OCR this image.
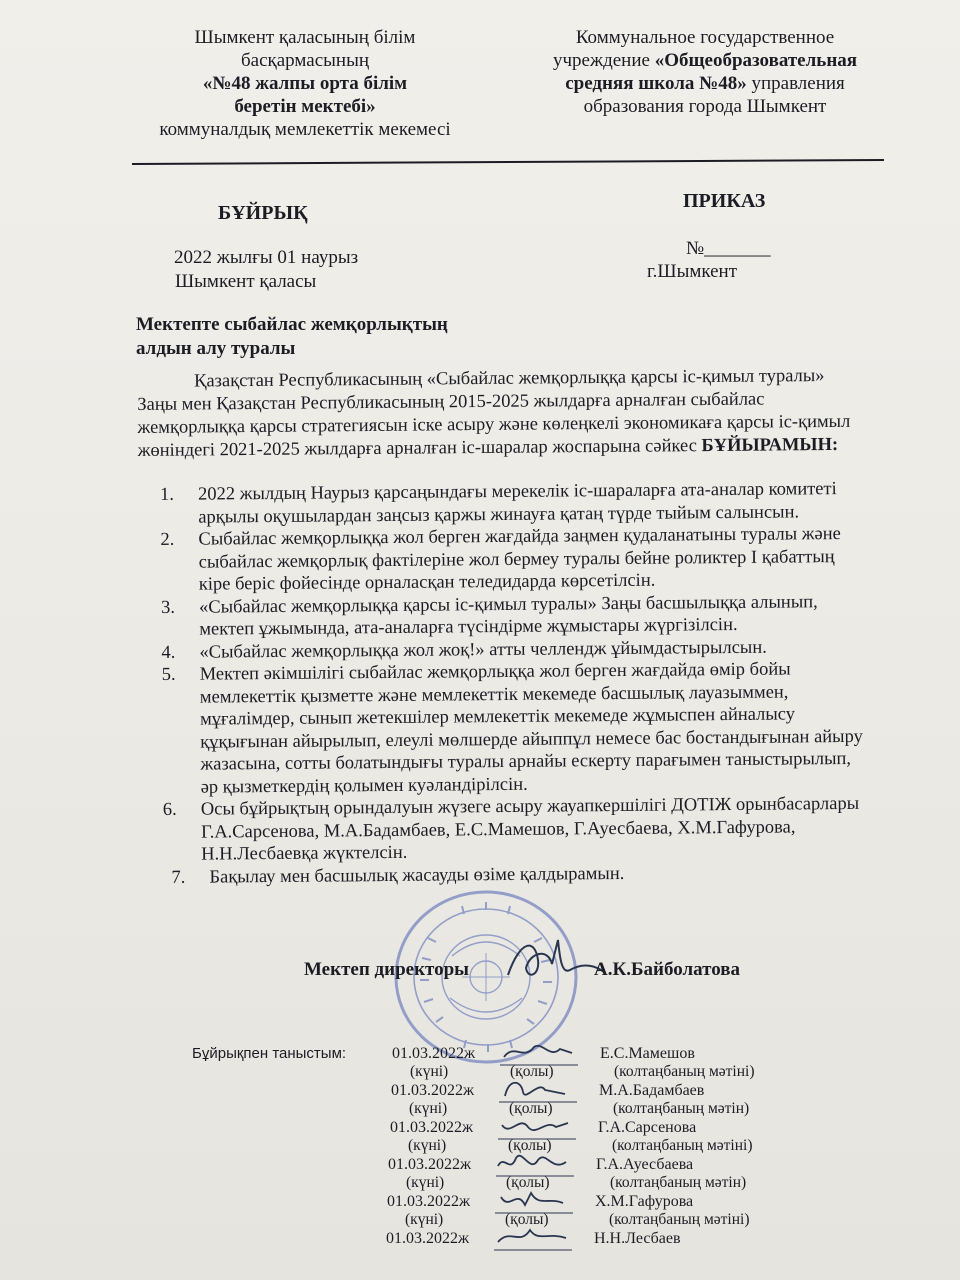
Шымкент қаласының білім
басқармасының
«№48 жалпы орта білім
беретін мектебі»
коммуналдық мемлекеттік мекемесі
Коммунальное государственное
учреждение «Общеобразовательная
средняя школа №48» управления
образования города Шымкент
БҰЙРЫҚ
ПРИКАЗ
2022 жылғы 01 наурыз
Шымкент қаласы
№_______
г.Шымкент
Мектепте сыбайлас жемқорлықтың
алдын алу туралы
Қазақстан Республикасының «Сыбайлас жемқорлыққа қарсы іс-қимыл туралы»
Заңы мен Қазақстан Республикасының 2015-2025 жылдарға арналған сыбайлас
жемқорлыққа қарсы стратегиясын іске асыру және көлеңкелі экономикаға қарсы іс-қимыл
жөніндегі 2021-2025 жылдарға арналған іс-шаралар жоспарына сәйкес БҰЙЫРАМЫН:
1.	2022 жылдың Наурыз қарсаңындағы мерекелік іс-шараларға ата-аналар комитеті
арқылы оқушылардан заңсыз қаржы жинауға қатаң түрде тыйым салынсын.
2.	Сыбайлас жемқорлыққа жол берген жағдайда заңмен қудаланатыны туралы және
сыбайлас жемқорлық фактілеріне жол бермеу туралы бейне роликтер І қабаттың
кіре беріс фойесінде орналасқан теледидарда көрсетілсін.
3.	«Сыбайлас жемқорлыққа қарсы іс-қимыл туралы» Заңы басшылыққа алынып,
мектеп ұжымында, ата-аналарға түсіндірме жұмыстары жүргізілсін.
4.	«Сыбайлас жемқорлыққа жол жоқ!» атты челлендж ұйымдастырылсын.
5.	Мектеп әкімшілігі сыбайлас жемқорлыққа жол берген жағдайда өмір бойы
мемлекеттік қызметте және мемлекеттік мекемеде басшылық лауазыммен,
мұғалімдер, сынып жетекшілер мемлекеттік мекемеде жұмыспен айналысу
құқығынан айырылып, елеулі мөлшерде айыппұл немесе бас бостандығынан айыру
жазасына, сотты болатындығы туралы арнайы ескерту парағымен таныстырылып,
әр қызметкердің қолымен куәландірілсін.
6.	Осы бұйрықтың орындалуын жүзеге асыру жауапкершілігі ДОТІЖ орынбасарлары
Г.А.Сарсенова, М.А.Бадамбаев, Е.С.Мамешов, Г.Ауесбаева, Х.М.Гафурова,
Н.Н.Лесбаевқа жүктелсін.
7.	Бақылау мен басшылық жасауды өзіме қалдырамын.
Мектеп директоры	А.К.Байболатова
Бұйрықпен таныстым:	01.03.2022ж	Е.С.Мамешов
(күні)	(қолы)	(колтаңбаның мәтіні)
01.03.2022ж	М.А.Бадамбаев
(күні)	(қолы)	(колтаңбаның мәтін)
01.03.2022ж	Г.А.Сарсенова
(күні)	(қолы)	(колтаңбаның мәтіні)
01.03.2022ж	Г.А.Ауесбаева
(күні)	(қолы)	(колтаңбаның мәтін)
01.03.2022ж	Х.М.Гафурова
(күні)	(қолы)	(колтаңбаның мәтіні)
01.03.2022ж	Н.Н.Лесбаев
